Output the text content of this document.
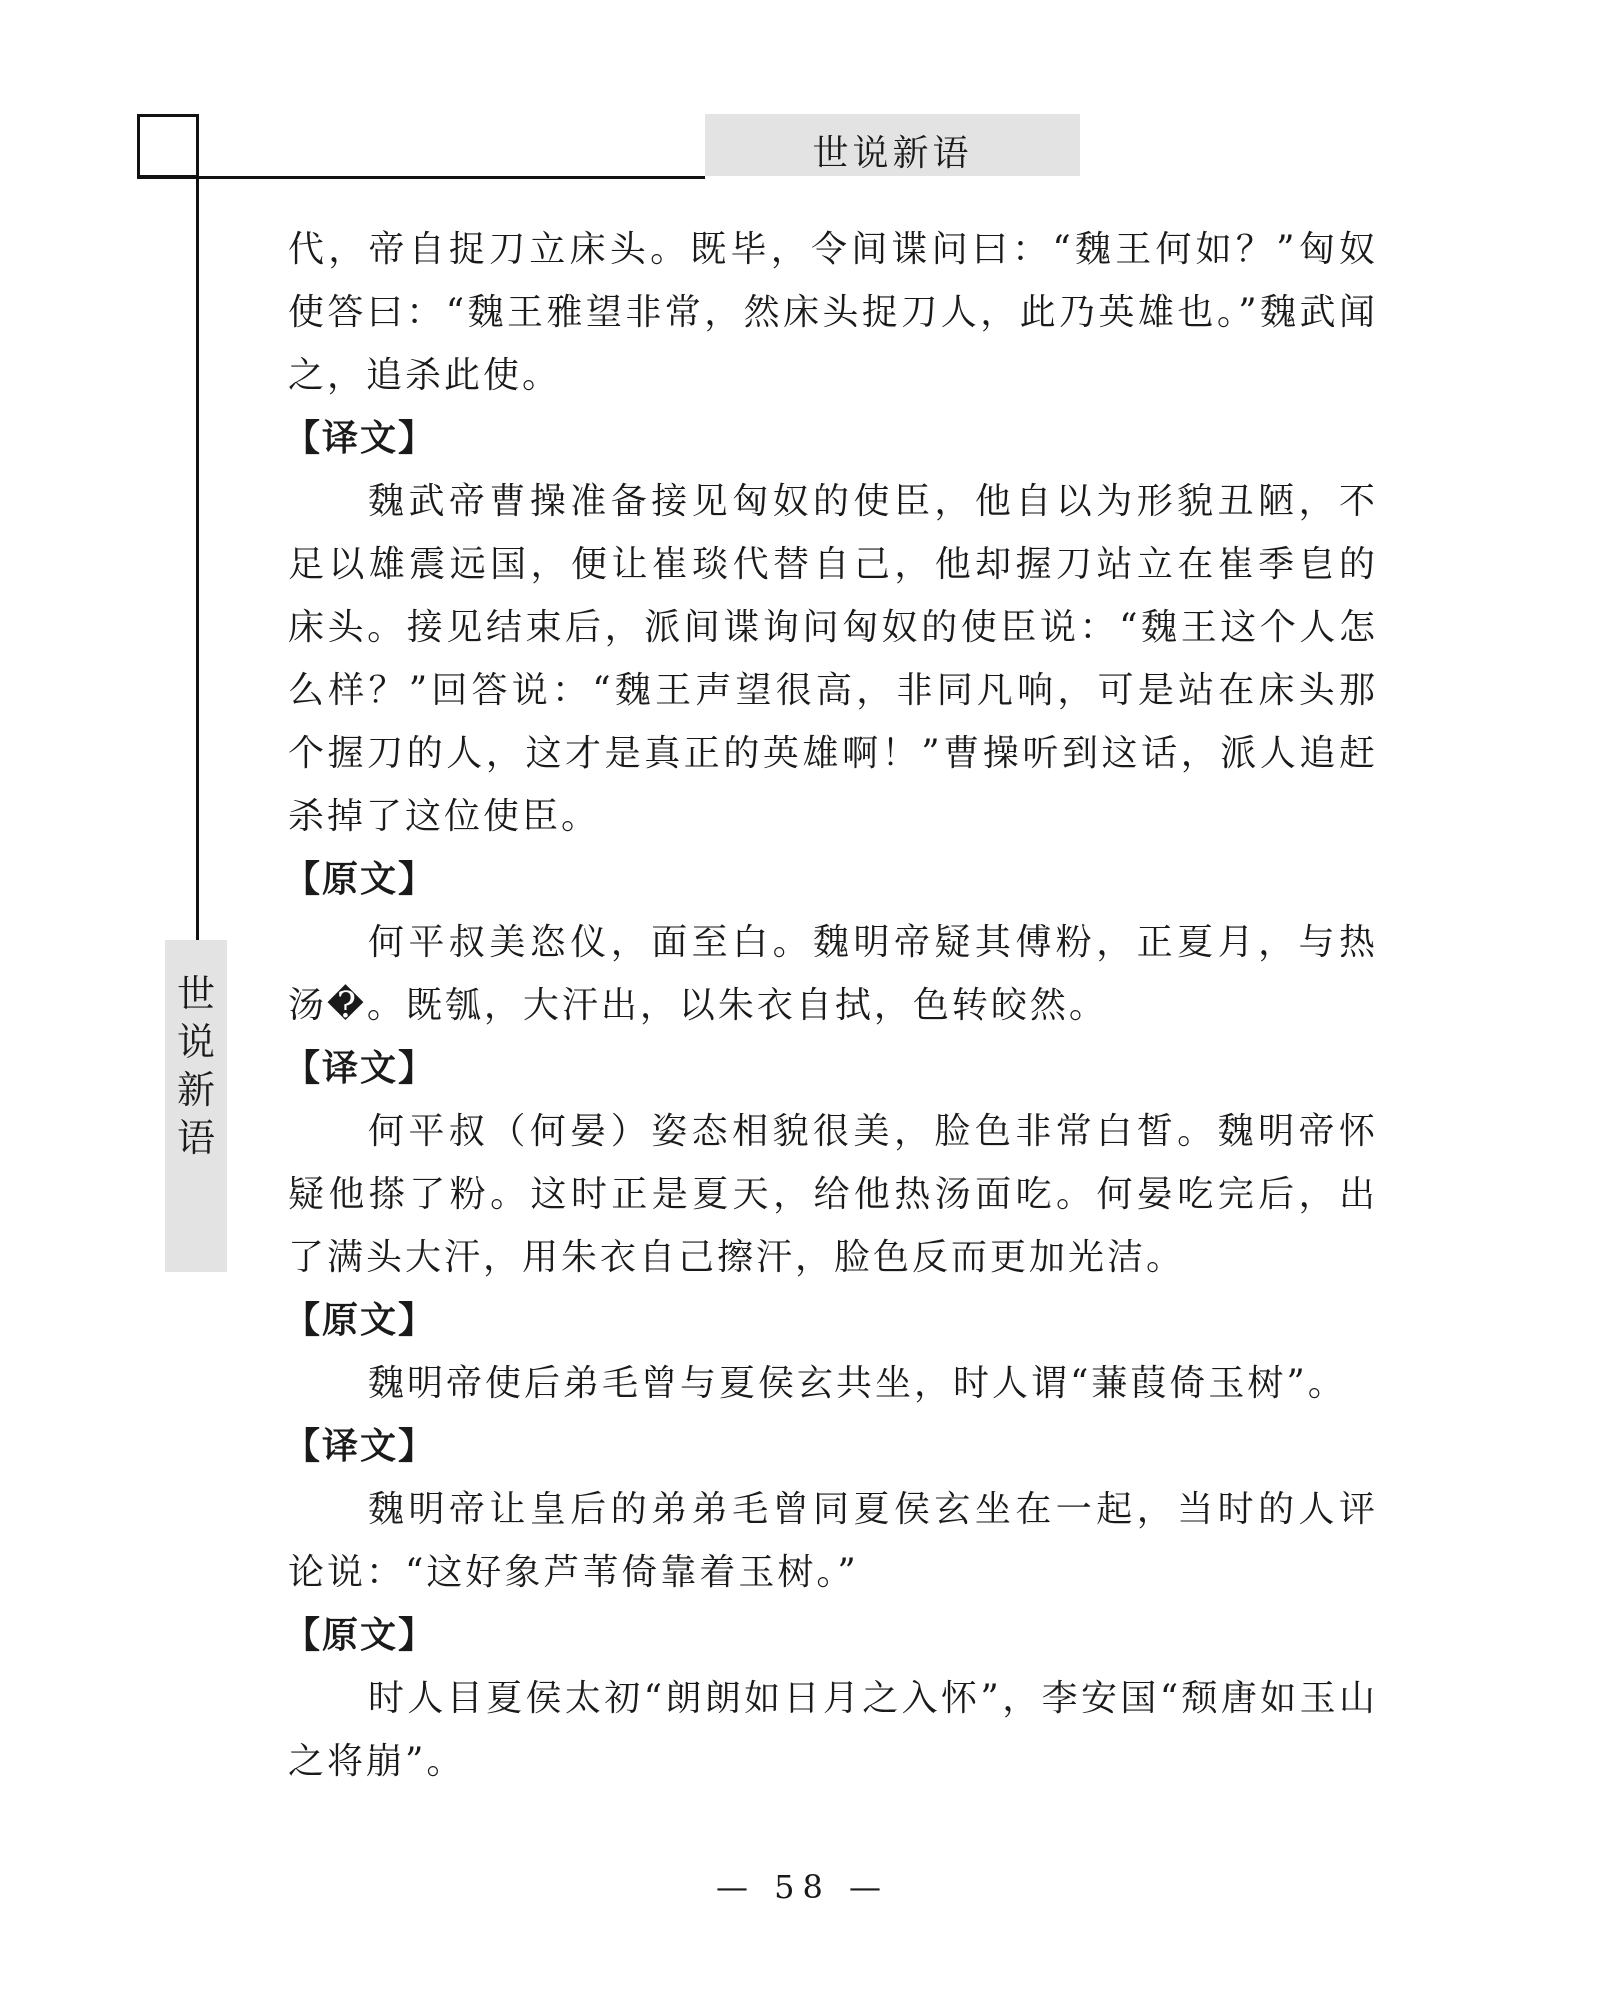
世说新语
世
说
新
语

代，帝自捉刀立床头。既毕，令间谍问曰：“魏王何如？”匈奴使答曰：“魏王雅望非常，然床头捉刀人，此乃英雄也。”魏武闻之，追杀此使。

【译文】

魏武帝曹操准备接见匈奴的使臣，他自以为形貌丑陋，不足以雄震远国，便让崔琰代替自己，他却握刀站立在崔季皀的床头。接见结束后，派间谍询问匈奴的使臣说：“魏王这个人怎么样？”回答说：“魏王声望很高，非同凡响，可是站在床头那个握刀的人，这才是真正的英雄啊！”曹操听到这话，派人追赶杀掉了这位使臣。

【原文】

何平叔美恣仪，面至白。魏明帝疑其傅粉，正夏月，与热汤�。既瓠，大汗出，以朱衣自拭，色转皎然。

【译文】

何平叔（何晏）姿态相貌很美，脸色非常白皙。魏明帝怀疑他搽了粉。这时正是夏天，给他热汤面吃。何晏吃完后，出了满头大汗，用朱衣自己擦汗，脸色反而更加光洁。

【原文】

魏明帝使后弟毛曾与夏侯玄共坐，时人谓“蒹葭倚玉树”。

【译文】

魏明帝让皇后的弟弟毛曾同夏侯玄坐在一起，当时的人评论说：“这好象芦苇倚靠着玉树。”

【原文】

时人目夏侯太初“朗朗如日月之入怀”，李安国“颓唐如玉山之将崩”。

— 58 —
